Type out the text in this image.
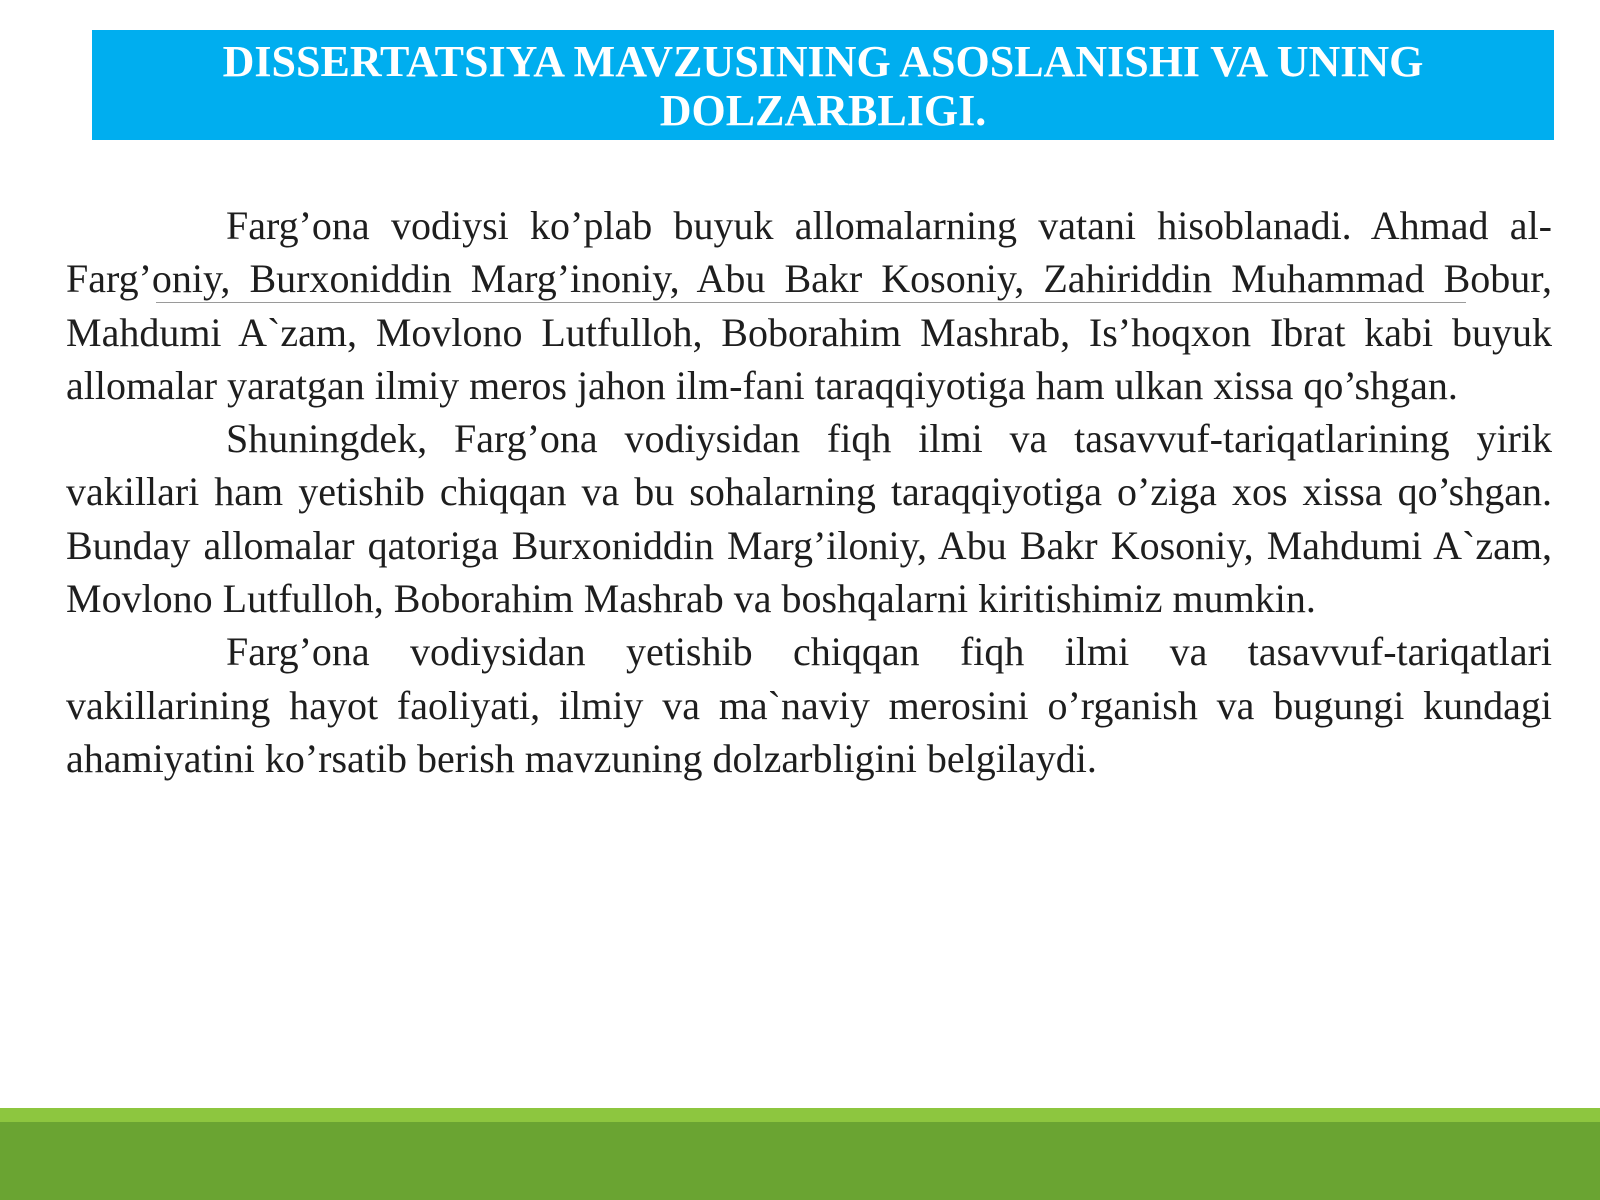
DISSERTATSIYA MAVZUSINING ASOSLANISHI VA UNING
DOLZARBLIGI.

Farg’ona vodiysi ko’plab buyuk allomalarning vatani hisoblanadi. Ahmad al-Farg’oniy, Burxoniddin Marg’inoniy, Abu Bakr Kosoniy, Zahiriddin Muhammad Bobur, Mahdumi A`zam, Movlono Lutfulloh, Boborahim Mashrab, Is’hoqxon Ibrat kabi buyuk allomalar yaratgan ilmiy meros jahon ilm-fani taraqqiyotiga ham ulkan xissa qo’shgan.

Shuningdek, Farg’ona vodiysidan fiqh ilmi va tasavvuf-tariqatlarining yirik vakillari ham yetishib chiqqan va bu sohalarning taraqqiyotiga o’ziga xos xissa qo’shgan. Bunday allomalar qatoriga Burxoniddin Marg’iloniy, Abu Bakr Kosoniy, Mahdumi A`zam, Movlono Lutfulloh, Boborahim Mashrab va boshqalarni kiritishimiz mumkin.

Farg’ona vodiysidan yetishib chiqqan fiqh ilmi va tasavvuf-tariqatlari vakillarining hayot faoliyati, ilmiy va ma`naviy merosini o’rganish va bugungi kundagi ahamiyatini ko’rsatib berish mavzuning dolzarbligini belgilaydi.
